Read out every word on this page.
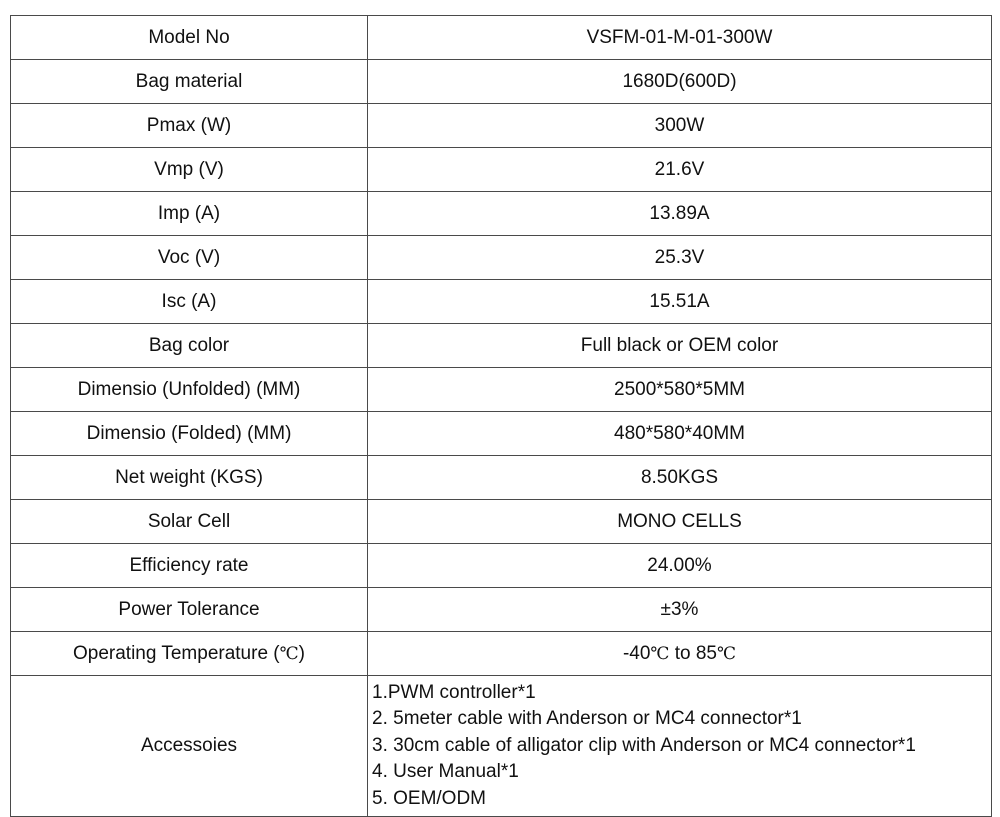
Model No	VSFM-01-M-01-300W
Bag material	1680D(600D)
Pmax (W)	300W
Vmp (V)	21.6V
Imp (A)	13.89A
Voc (V)	25.3V
Isc (A)	15.51A
Bag color	Full black or OEM color
Dimensio (Unfolded) (MM)	2500*580*5MM
Dimensio (Folded) (MM)	480*580*40MM
Net weight (KGS)	8.50KGS
Solar Cell	MONO CELLS
Efficiency rate	24.00%
Power Tolerance	±3%
Operating Temperature (℃)	-40℃ to 85℃
Accessoies	1.PWM controller*1
2. 5meter cable with Anderson or MC4 connector*1
3. 30cm cable of alligator clip with Anderson or MC4 connector*1
4. User Manual*1
5. OEM/ODM
